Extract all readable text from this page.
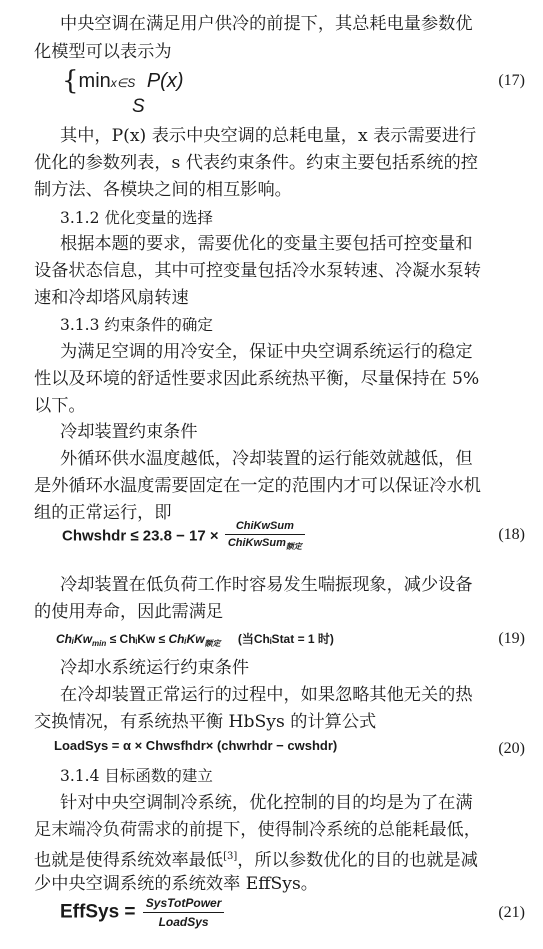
中央空调在满足用户供冷的前提下，其总耗电量参数优
化模型可以表示为
{minx∈S P(x)
S
(17)
其中，P(x) 表示中央空调的总耗电量，x 表示需要进行
优化的参数列表，s 代表约束条件。约束主要包括系统的控
制方法、各模块之间的相互影响。
3.1.2 优化变量的选择
根据本题的要求，需要优化的变量主要包括可控变量和
设备状态信息，其中可控变量包括冷水泵转速、冷凝水泵转
速和冷却塔风扇转速
3.1.3 约束条件的确定
为满足空调的用冷安全，保证中央空调系统运行的稳定
性以及环境的舒适性要求因此系统热平衡，尽量保持在 5%
以下。
冷却装置约束条件
外循环供水温度越低，冷却装置的运行能效就越低，但
是外循环水温度需要固定在一定的范围内才可以保证冷水机
组的正常运行，即
Chwshdr ≤ $23.8 - 17 \times \frac{\text{ChiKwSum}}{ChiKwSum_{额定}}$	(18)
冷却装置在低负荷工作时容易发生喘振现象，减少设备
的使用寿命，因此需满足
ChᵢKw$_{min}$ ≤ ChᵢKw ≤ ChᵢKw$_{额定}$ (当ChᵢStat = 1 时)	(19)
冷却水系统运行约束条件
在冷却装置正常运行的过程中，如果忽略其他无关的热
交换情况，有系统热平衡 HbSys 的计算公式
LoadSys = α × Chwsfhdr× (chwrhdr − cwshdr)	(20)
3.1.4 目标函数的建立
针对中央空调制冷系统，优化控制的目的均是为了在满
足末端冷负荷需求的前提下，使得制冷系统的总能耗最低，
也就是使得系统效率最低[3]，所以参数优化的目的也就是减
少中央空调系统的系统效率 EffSys。
EffSys = $\frac{\text{SysTotPower}}{\text{LoadSys}}$	(21)
